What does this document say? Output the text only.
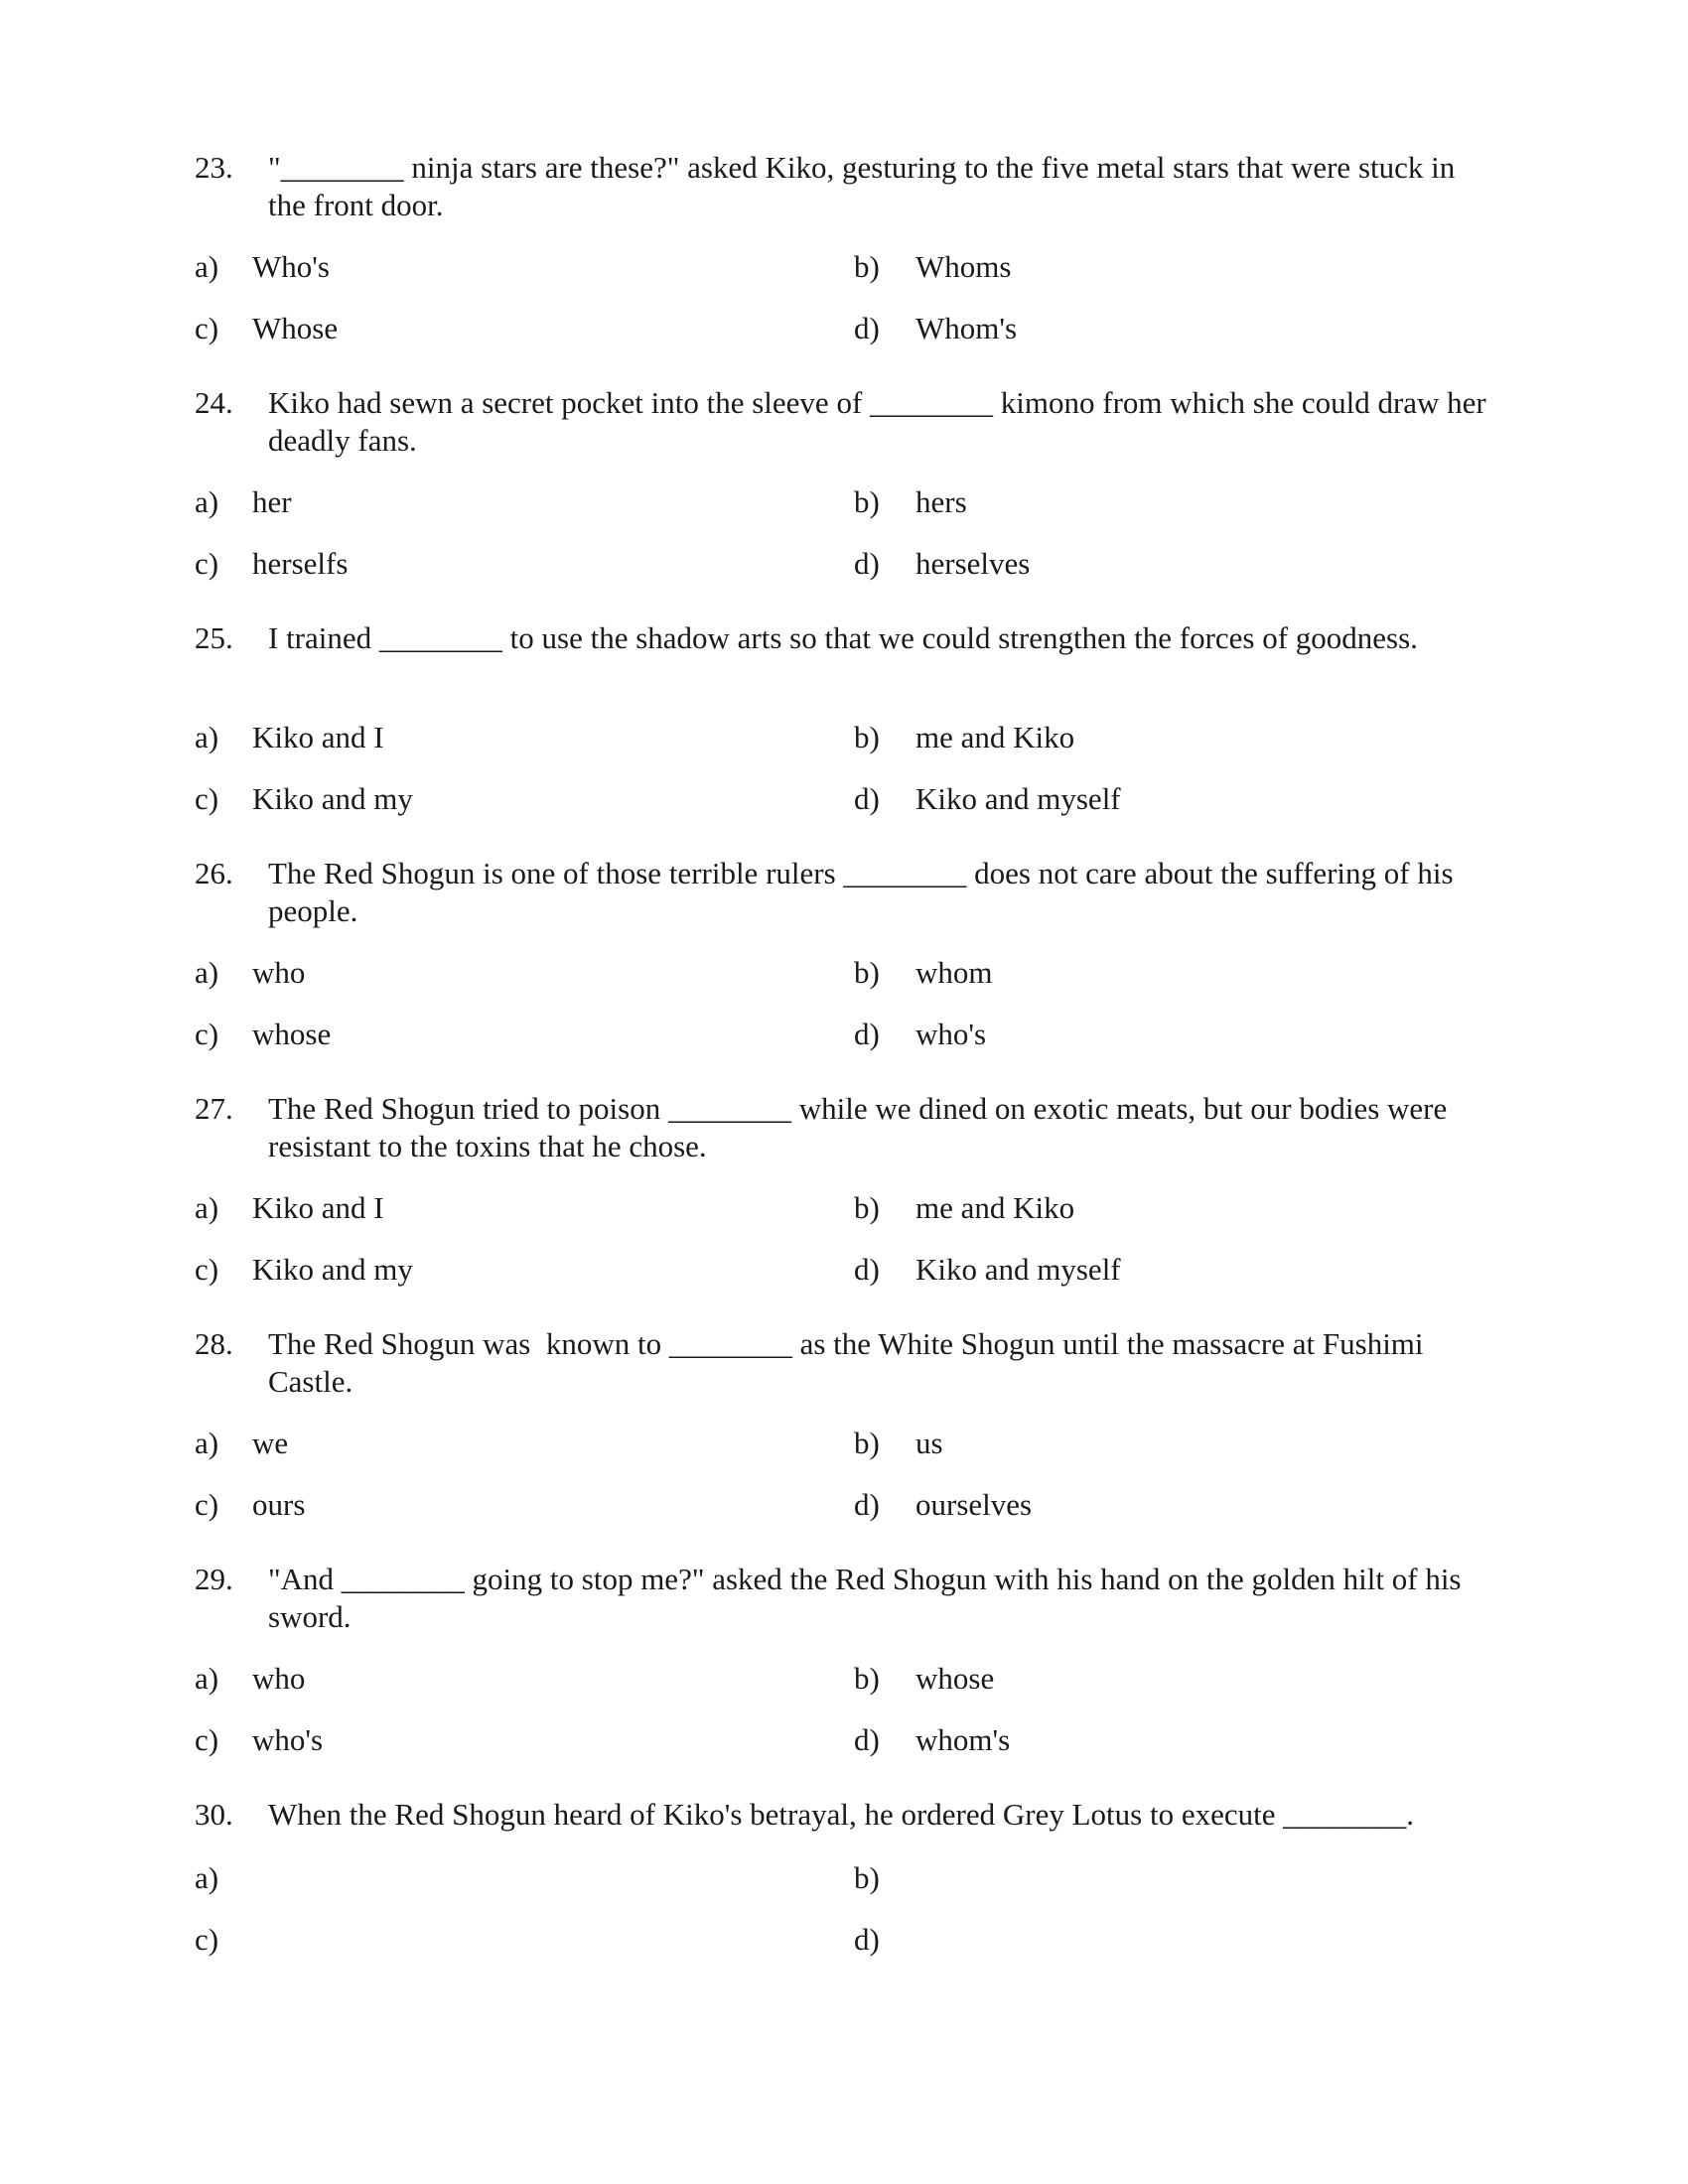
23. "________ ninja stars are these?" asked Kiko, gesturing to the five metal stars that were stuck in the front door.
a) Who's	b) Whoms
c) Whose	d) Whom's
24. Kiko had sewn a secret pocket into the sleeve of ________ kimono from which she could draw her deadly fans.
a) her	b) hers
c) herselfs	d) herselves
25. I trained ________ to use the shadow arts so that we could strengthen the forces of goodness.
a) Kiko and I	b) me and Kiko
c) Kiko and my	d) Kiko and myself
26. The Red Shogun is one of those terrible rulers ________ does not care about the suffering of his people.
a) who	b) whom
c) whose	d) who's
27. The Red Shogun tried to poison ________ while we dined on exotic meats, but our bodies were resistant to the toxins that he chose.
a) Kiko and I	b) me and Kiko
c) Kiko and my	d) Kiko and myself
28. The Red Shogun was  known to ________ as the White Shogun until the massacre at Fushimi Castle.
a) we	b) us
c) ours	d) ourselves
29. "And ________ going to stop me?" asked the Red Shogun with his hand on the golden hilt of his sword.
a) who	b) whose
c) who's	d) whom's
30. When the Red Shogun heard of Kiko's betrayal, he ordered Grey Lotus to execute ________.
a)	b)
c)	d)
